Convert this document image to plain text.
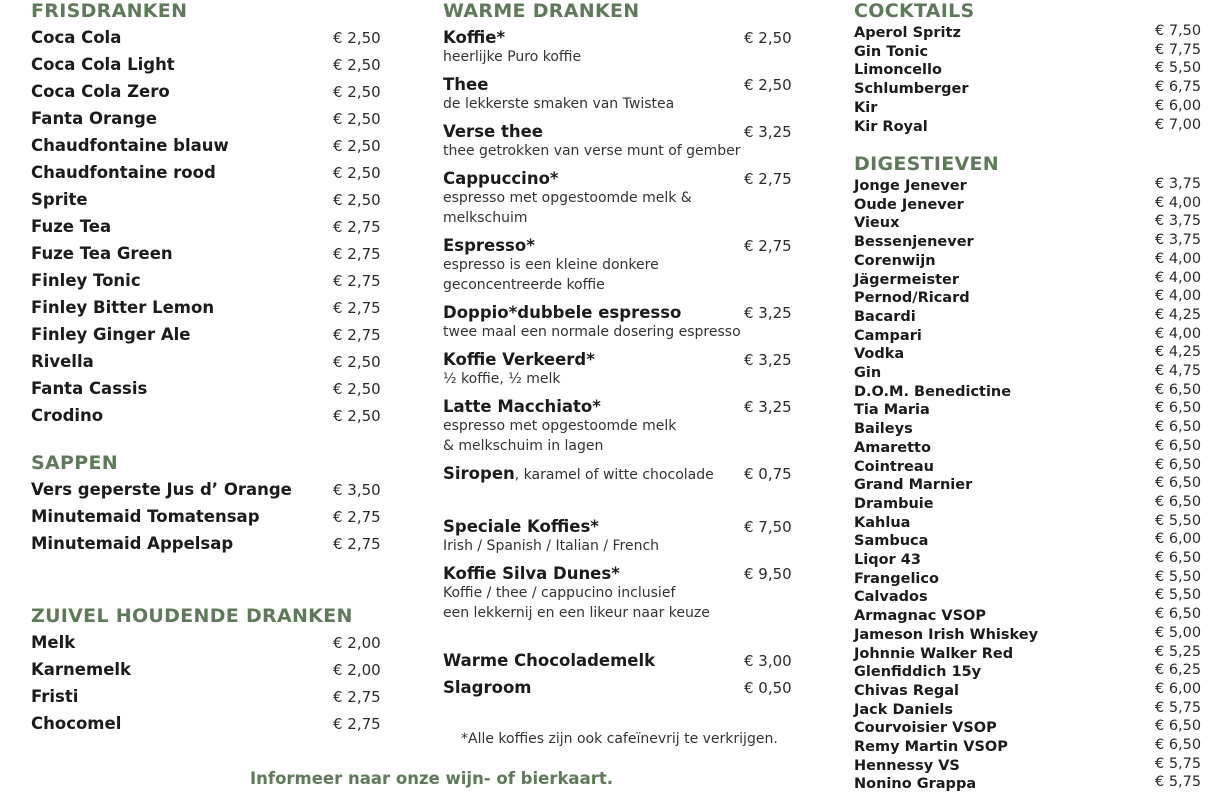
FRISDRANKEN
Coca Cola	€ 2,50
Coca Cola Light	€ 2,50
Coca Cola Zero	€ 2,50
Fanta Orange	€ 2,50
Chaudfontaine blauw	€ 2,50
Chaudfontaine rood	€ 2,50
Sprite	€ 2,50
Fuze Tea	€ 2,75
Fuze Tea Green	€ 2,75
Finley Tonic	€ 2,75
Finley Bitter Lemon	€ 2,75
Finley Ginger Ale	€ 2,75
Rivella	€ 2,50
Fanta Cassis	€ 2,50
Crodino	€ 2,50
SAPPEN
Vers geperste Jus d’ Orange	€ 3,50
Minutemaid Tomatensap	€ 2,75
Minutemaid Appelsap	€ 2,75
ZUIVEL HOUDENDE DRANKEN
Melk	€ 2,00
Karnemelk	€ 2,00
Fristi	€ 2,75
Chocomel	€ 2,75
Informeer naar onze wijn- of bierkaart.
WARME DRANKEN
Koffie*	€ 2,50
heerlijke Puro koffie
Thee	€ 2,50
de lekkerste smaken van Twistea
Verse thee	€ 3,25
thee getrokken van verse munt of gember
Cappuccino*	€ 2,75
espresso met opgestoomde melk &
melkschuim
Espresso*	€ 2,75
espresso is een kleine donkere
geconcentreerde koffie
Doppio*dubbele espresso	€ 3,25
twee maal een normale dosering espresso
Koffie Verkeerd*	€ 3,25
½ koffie, ½ melk
Latte Macchiato*	€ 3,25
espresso met opgestoomde melk
& melkschuim in lagen
Siropen, karamel of witte chocolade € 0,75
Speciale Koffies*	€ 7,50
Irish / Spanish / Italian / French
Koffie Silva Dunes*	€ 9,50
Koffie / thee / cappucino inclusief
een lekkernij en een likeur naar keuze
Warme Chocolademelk	€ 3,00
Slagroom	€ 0,50
*Alle koffies zijn ook cafeïnevrij te verkrijgen.
COCKTAILS
Aperol Spritz	€ 7,50
Gin Tonic	€ 7,75
Limoncello	€ 5,50
Schlumberger	€ 6,75
Kir	€ 6,00
Kir Royal	€ 7,00
DIGESTIEVEN
Jonge Jenever	€ 3,75
Oude Jenever	€ 4,00
Vieux	€ 3,75
Bessenjenever	€ 3,75
Corenwijn	€ 4,00
Jägermeister	€ 4,00
Pernod/Ricard	€ 4,00
Bacardi	€ 4,25
Campari	€ 4,00
Vodka	€ 4,25
Gin	€ 4,75
D.O.M. Benedictine	€ 6,50
Tia Maria	€ 6,50
Baileys	€ 6,50
Amaretto	€ 6,50
Cointreau	€ 6,50
Grand Marnier	€ 6,50
Drambuie	€ 6,50
Kahlua	€ 5,50
Sambuca	€ 6,00
Liqor 43	€ 6,50
Frangelico	€ 5,50
Calvados	€ 5,50
Armagnac VSOP	€ 6,50
Jameson Irish Whiskey	€ 5,00
Johnnie Walker Red	€ 5,25
Glenfiddich 15y	€ 6,25
Chivas Regal	€ 6,00
Jack Daniels	€ 5,75
Courvoisier VSOP	€ 6,50
Remy Martin VSOP	€ 6,50
Hennessy VS	€ 5,75
Nonino Grappa	€ 5,75
